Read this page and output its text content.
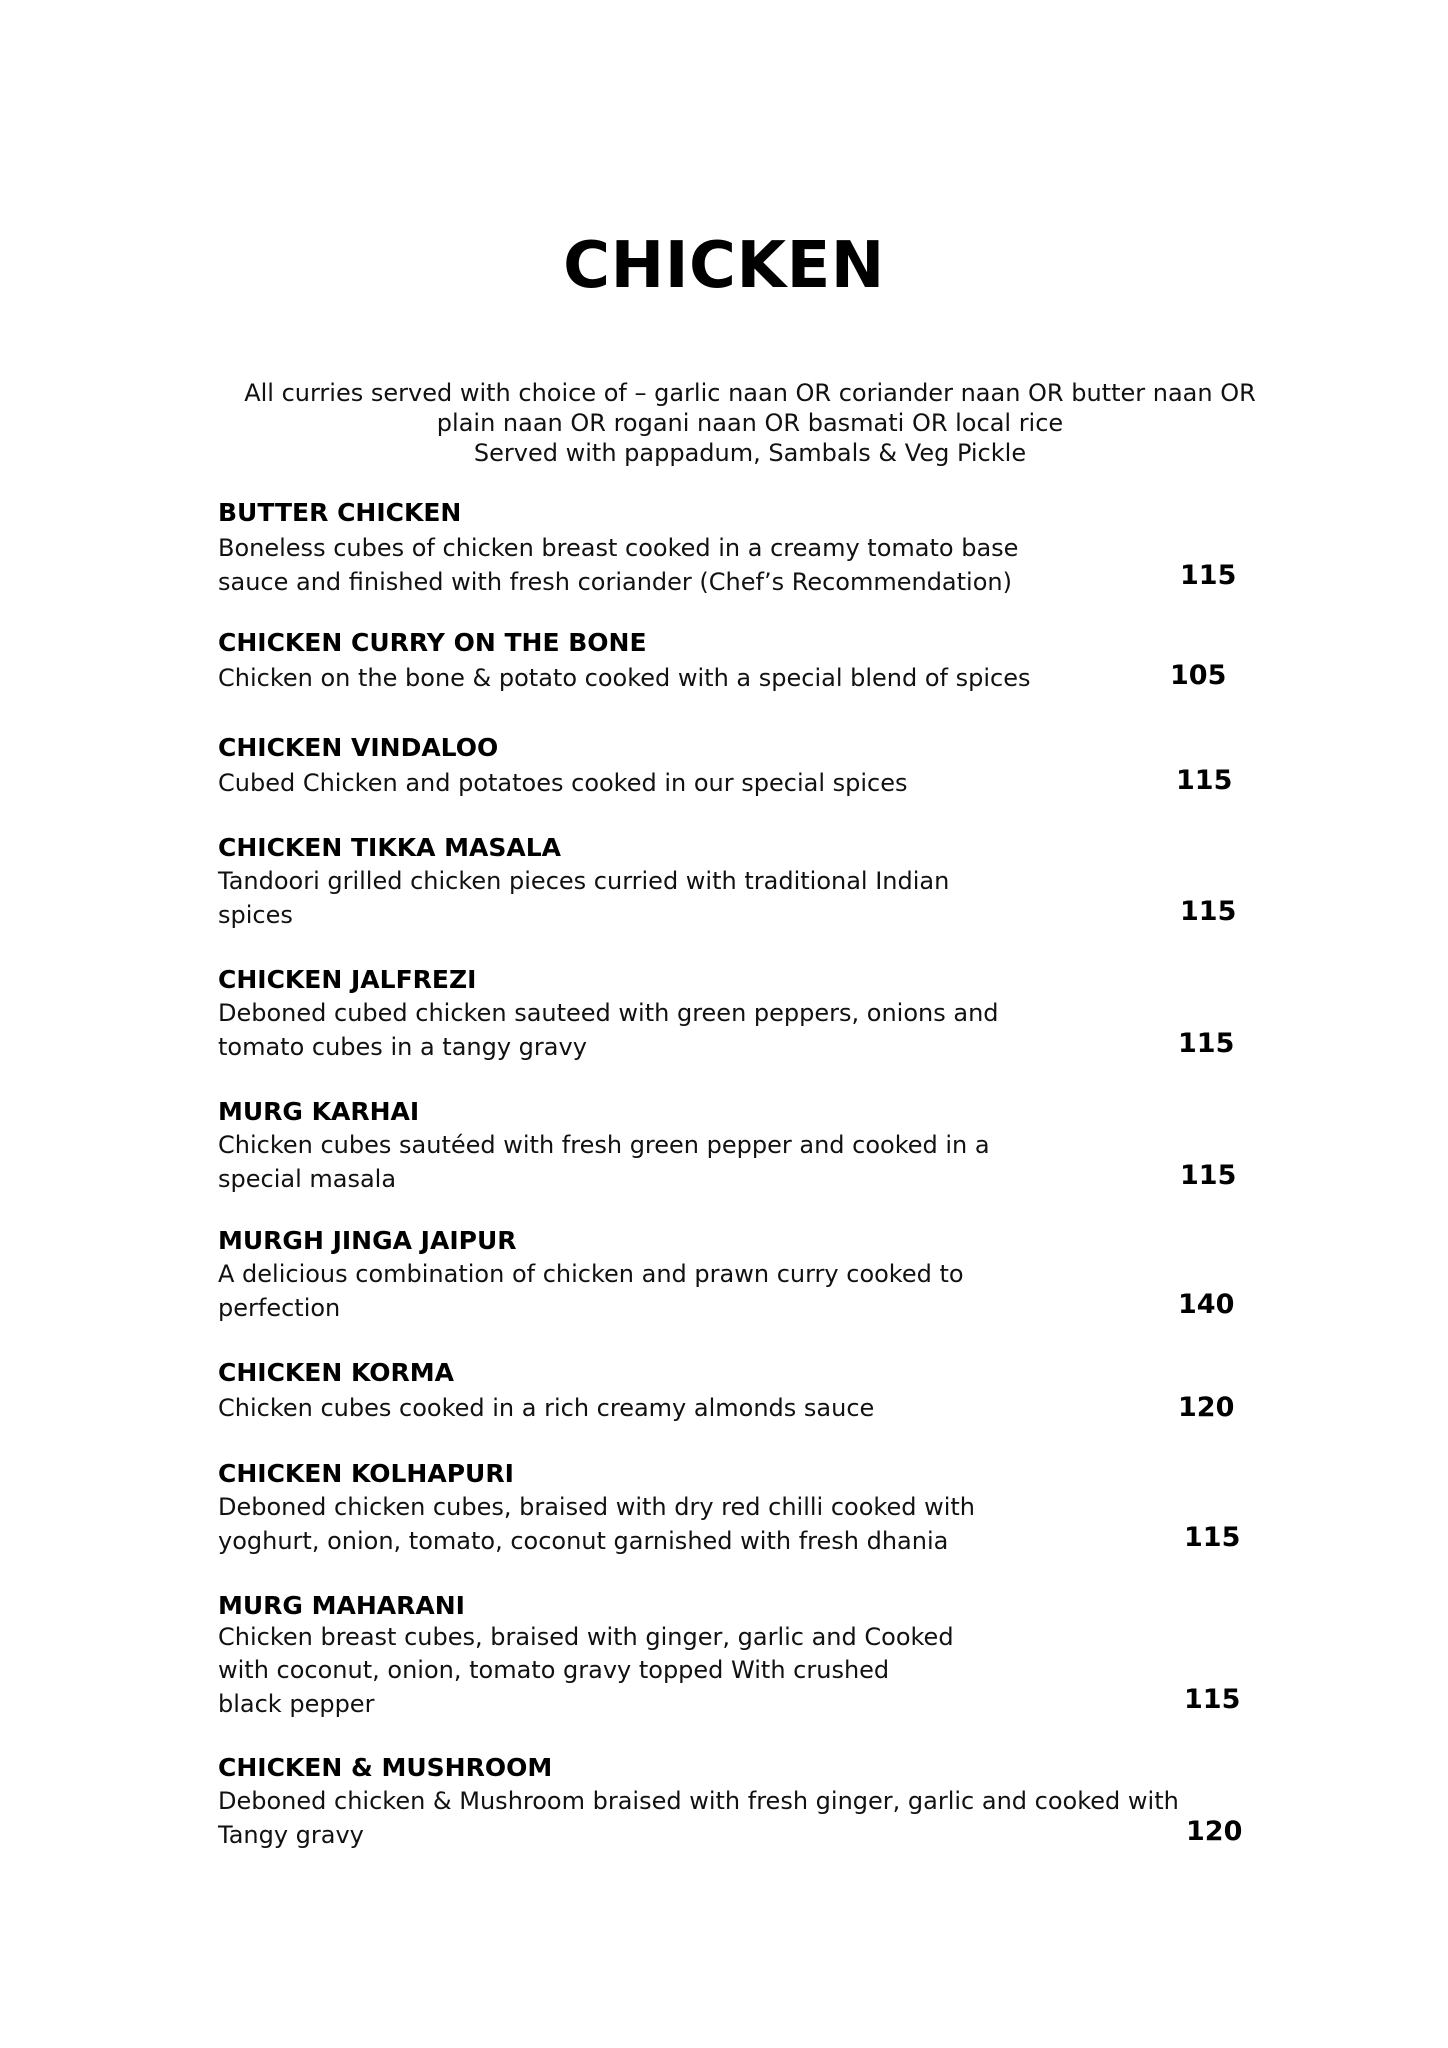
CHICKEN
All curries served with choice of – garlic naan OR coriander naan OR butter naan OR
plain naan OR rogani naan OR basmati OR local rice
Served with pappadum, Sambals & Veg Pickle
BUTTER CHICKEN
Boneless cubes of chicken breast cooked in a creamy tomato base
sauce and finished with fresh coriander (Chef’s Recommendation)	115
CHICKEN CURRY ON THE BONE
Chicken on the bone & potato cooked with a special blend of spices	105
CHICKEN VINDALOO
Cubed Chicken and potatoes cooked in our special spices	115
CHICKEN TIKKA MASALA
Tandoori grilled chicken pieces curried with traditional Indian
spices	115
CHICKEN JALFREZI
Deboned cubed chicken sauteed with green peppers, onions and
tomato cubes in a tangy gravy	115
MURG KARHAI
Chicken cubes sautéed with fresh green pepper and cooked in a
special masala	115
MURGH JINGA JAIPUR
A delicious combination of chicken and prawn curry cooked to
perfection	140
CHICKEN KORMA
Chicken cubes cooked in a rich creamy almonds sauce	120
CHICKEN KOLHAPURI
Deboned chicken cubes, braised with dry red chilli cooked with
yoghurt, onion, tomato, coconut garnished with fresh dhania	115
MURG MAHARANI
Chicken breast cubes, braised with ginger, garlic and Cooked
with coconut, onion, tomato gravy topped With crushed
black pepper	115
CHICKEN & MUSHROOM
Deboned chicken & Mushroom braised with fresh ginger, garlic and cooked with
Tangy gravy	120
